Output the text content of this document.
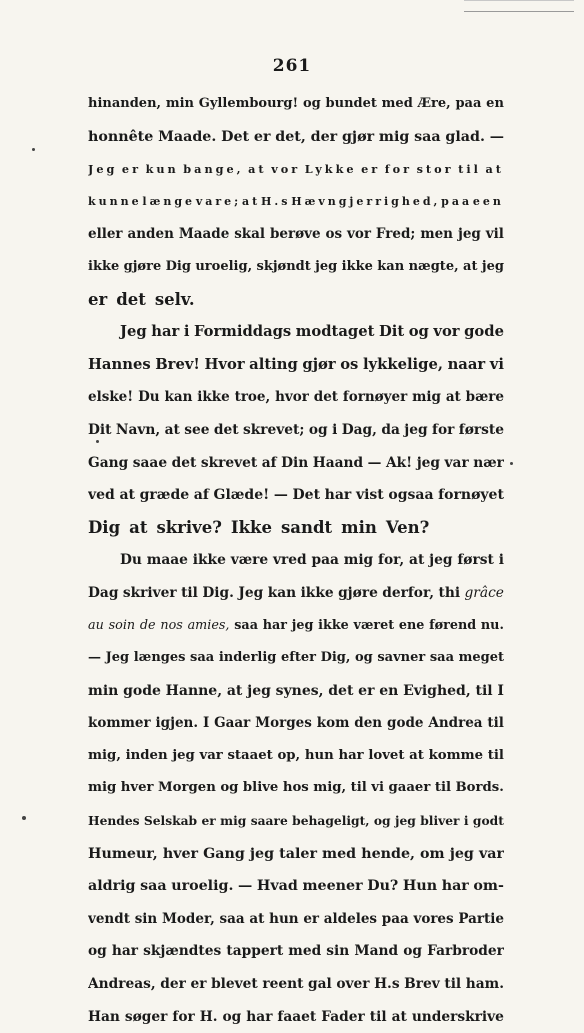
261
hinanden, min Gyllembourg! og bundet med Ære, paa en
honnête Maade. Det er det, der gjør mig saa glad. —
Jeg er kun bange, at vor Lykke er for stor til at
kunne længe vare; at H.s Hævngjerrighed, paa een
eller anden Maade skal berøve os vor Fred; men jeg vil
ikke gjøre Dig uroelig, skjøndt jeg ikke kan nægte, at jeg
er det selv.
Jeg har i Formiddags modtaget Dit og vor gode
Hannes Brev! Hvor alting gjør os lykkelige, naar vi
elske! Du kan ikke troe, hvor det fornøyer mig at bære
Dit Navn, at see det skrevet; og i Dag, da jeg for første
Gang saae det skrevet af Din Haand — Ak! jeg var nær
ved at græde af Glæde! — Det har vist ogsaa fornøyet
Dig at skrive? Ikke sandt min Ven?
Du maae ikke være vred paa mig for, at jeg først i
Dag skriver til Dig. Jeg kan ikke gjøre derfor, thi grâce
au soin de nos amies, saa har jeg ikke været ene førend nu.
— Jeg længes saa inderlig efter Dig, og savner saa meget
min gode Hanne, at jeg synes, det er en Evighed, til I
kommer igjen. I Gaar Morges kom den gode Andrea til
mig, inden jeg var staaet op, hun har lovet at komme til
mig hver Morgen og blive hos mig, til vi gaaer til Bords.
Hendes Selskab er mig saare behageligt, og jeg bliver i godt
Humeur, hver Gang jeg taler med hende, om jeg var
aldrig saa uroelig. — Hvad meener Du? Hun har om-
vendt sin Moder, saa at hun er aldeles paa vores Partie
og har skjændtes tappert med sin Mand og Farbroder
Andreas, der er blevet reent gal over H.s Brev til ham.
Han søger for H. og har faaet Fader til at underskrive
